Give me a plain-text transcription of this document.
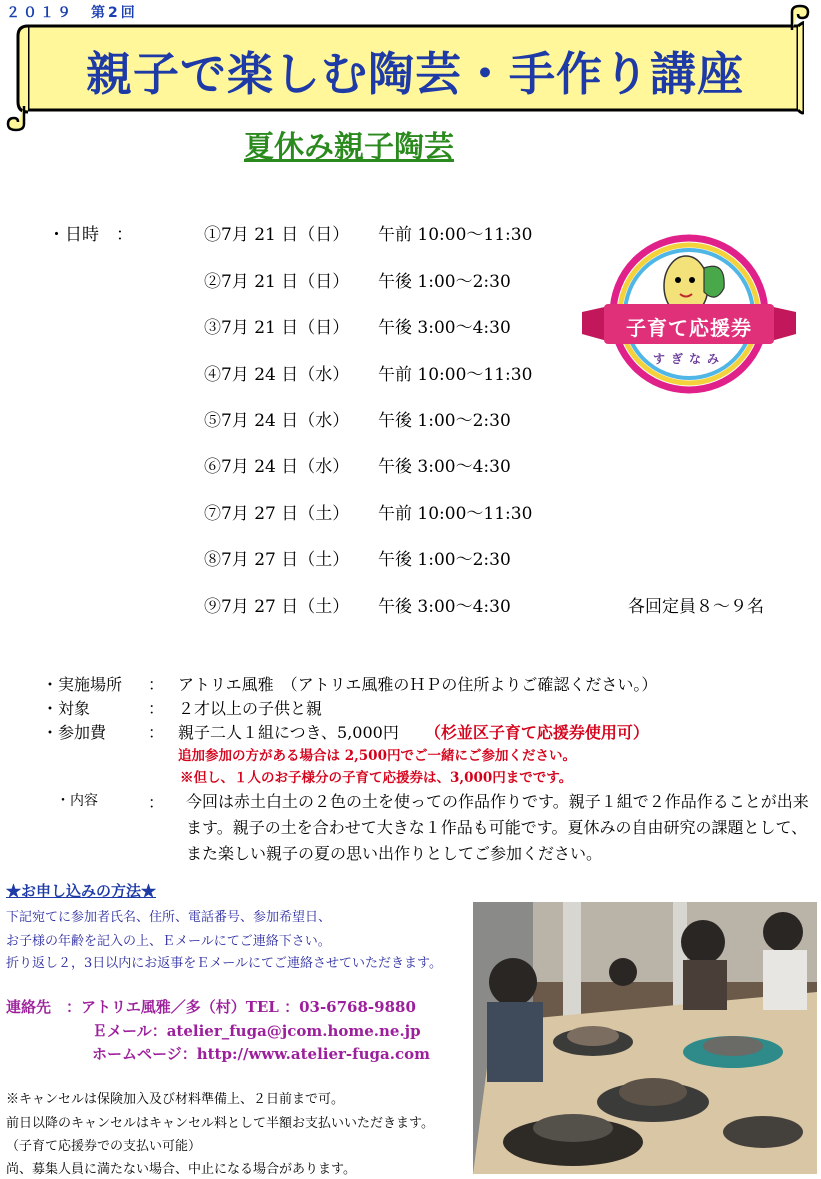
２０１９　第2回
親子で楽しむ陶芸・手作り講座
夏休み親子陶芸
・日時　：	①7月 21 日（日） 午前 10:00～11:30
②7月 21 日（日） 午後 1:00～2:30
③7月 21 日（日） 午後 3:00～4:30
④7月 24 日（水） 午前 10:00～11:30
⑤7月 24 日（水） 午後 1:00～2:30
⑥7月 24 日（水） 午後 3:00～4:30
⑦7月 27 日（土） 午前 10:00～11:30
⑧7月 27 日（土） 午後 1:00～2:30
⑨7月 27 日（土） 午後 3:00～4:30	各回定員８～９名
子育て応援券
すぎなみ
・実施場所 ： アトリエ風雅　（アトリエ風雅のＨＰの住所よりご確認ください。）
・対象	： ２才以上の子供と親
・参加費	： 親子二人１組につき、5,000円 （杉並区子育て応援券使用可）
追加参加の方がある場合は 2,500円でご一緒にご参加ください。
※但し、１人のお子様分の子育て応援券は、3,000円までです。
・内容	： 今回は赤土白土の２色の土を使っての作品作りです。親子１組で２作品作ることが出来ます。親子の土を合わせて大きな１作品も可能です。夏休みの自由研究の課題として、また楽しい親子の夏の思い出作りとしてご参加ください。
★お申し込みの方法★
下記宛てに参加者氏名、住所、電話番号、参加希望日、
お子様の年齢を記入の上、Ｅメールにてご連絡下さい。
折り返し２，3日以内にお返事をＥメールにてご連絡させていただきます。
連絡先　：アトリエ風雅／多（村）TEL ：03-6768-9880
Ｅメール：atelier_fuga@jcom.home.ne.jp
ホームページ：http://www.atelier-fuga.com
※キャンセルは保険加入及び材料準備上、２日前まで可。
前日以降のキャンセルはキャンセル料として半額お支払いいただきます。
（子育て応援券での支払い可能）
尚、募集人員に満たない場合、中止になる場合があります。
